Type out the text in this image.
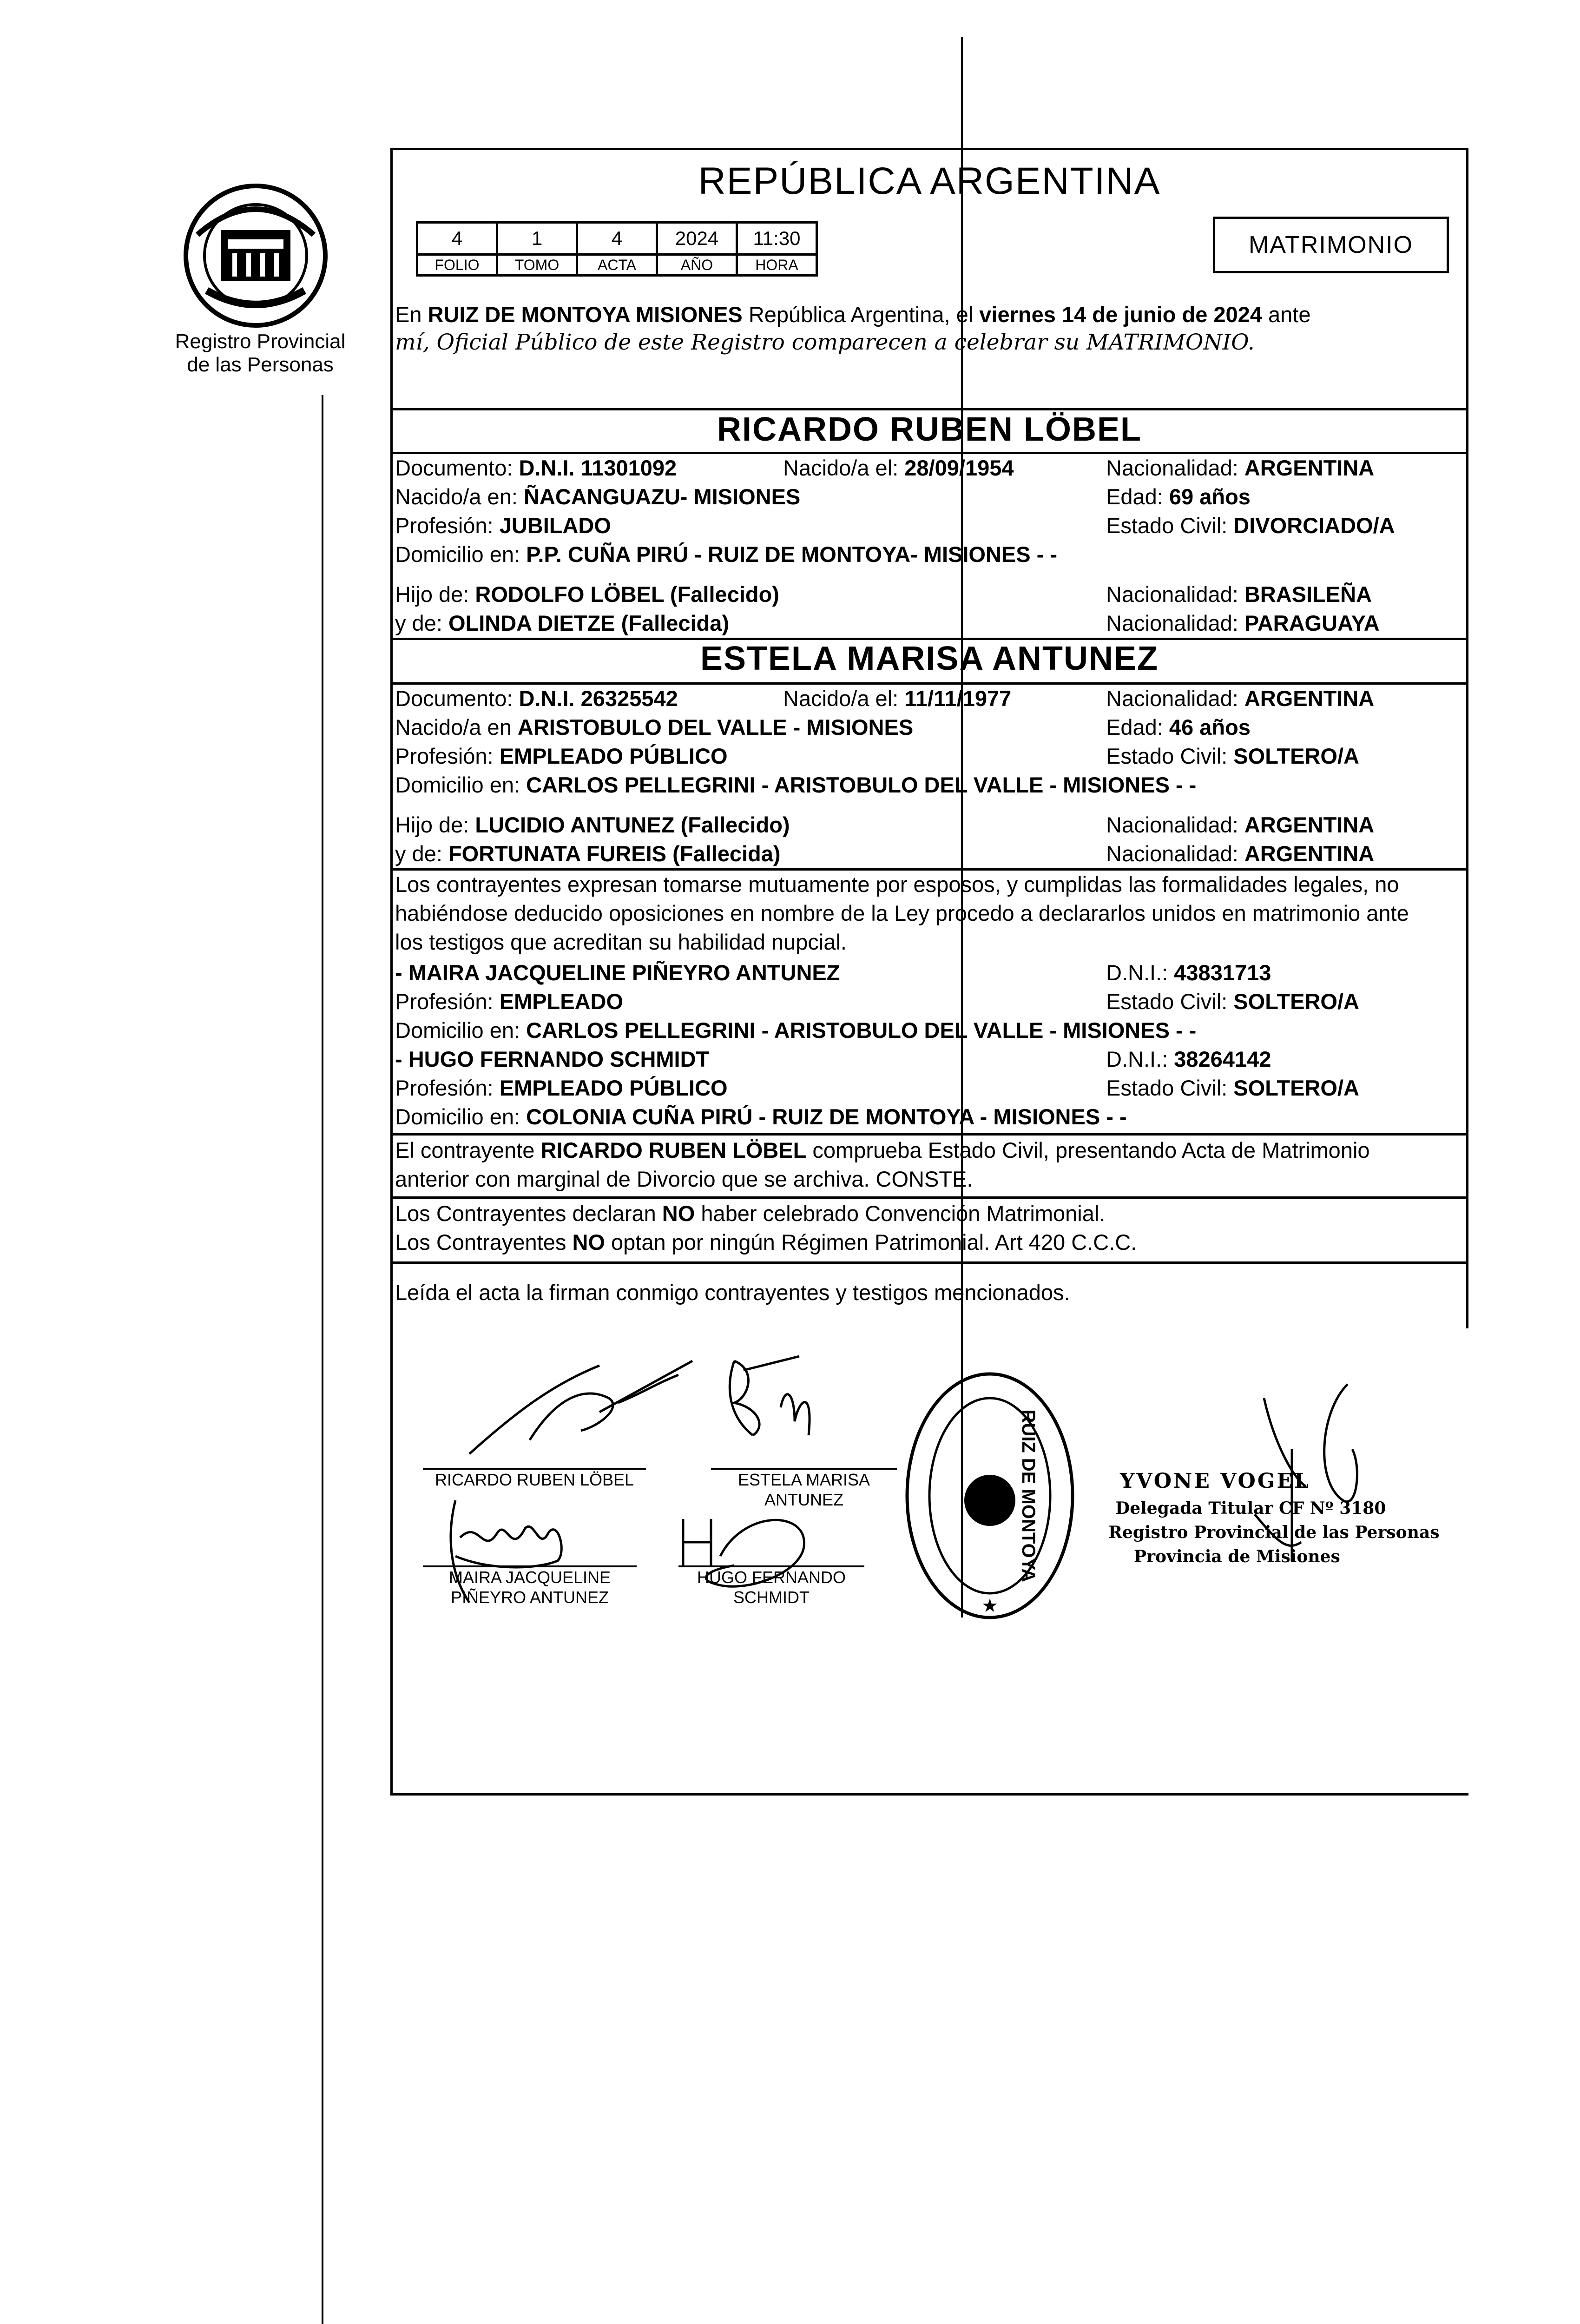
Registro Provincial de las Personas
REPÚBLICA ARGENTINA
4	1	4	2024	11:30
FOLIO	TOMO	ACTA	AÑO	HORA
MATRIMONIO
En RUIZ DE MONTOYA MISIONES República Argentina, el viernes 14 de junio de 2024 ante
mí, Oficial Público de este Registro comparecen a celebrar su MATRIMONIO.
RICARDO RUBEN LÖBEL
Documento: D.N.I. 11301092	Nacido/a el: 28/09/1954	Nacionalidad: ARGENTINA
Nacido/a en: ÑACANGUAZU- MISIONES	Edad: 69 años
Profesión: JUBILADO	Estado Civil: DIVORCIADO/A
Domicilio en: P.P. CUÑA PIRÚ - RUIZ DE MONTOYA- MISIONES - -
Hijo de: RODOLFO LÖBEL (Fallecido)	Nacionalidad: BRASILEÑA
y de: OLINDA DIETZE (Fallecida)	Nacionalidad: PARAGUAYA
ESTELA MARISA ANTUNEZ
Documento: D.N.I. 26325542	Nacido/a el: 11/11/1977	Nacionalidad: ARGENTINA
Nacido/a en ARISTOBULO DEL VALLE - MISIONES	Edad: 46 años
Profesión: EMPLEADO PÚBLICO	Estado Civil: SOLTERO/A
Domicilio en: CARLOS PELLEGRINI - ARISTOBULO DEL VALLE - MISIONES - -
Hijo de: LUCIDIO ANTUNEZ (Fallecido)	Nacionalidad: ARGENTINA
y de: FORTUNATA FUREIS (Fallecida)	Nacionalidad: ARGENTINA
Los contrayentes expresan tomarse mutuamente por esposos, y cumplidas las formalidades legales, no
habiéndose deducido oposiciones en nombre de la Ley procedo a declararlos unidos en matrimonio ante
los testigos que acreditan su habilidad nupcial.
- MAIRA JACQUELINE PIÑEYRO ANTUNEZ	D.N.I.: 43831713
Profesión: EMPLEADO	Estado Civil: SOLTERO/A
Domicilio en: CARLOS PELLEGRINI - ARISTOBULO DEL VALLE - MISIONES - -
- HUGO FERNANDO SCHMIDT	D.N.I.: 38264142
Profesión: EMPLEADO PÚBLICO	Estado Civil: SOLTERO/A
Domicilio en: COLONIA CUÑA PIRÚ - RUIZ DE MONTOYA - MISIONES - -
El contrayente RICARDO RUBEN LÖBEL comprueba Estado Civil, presentando Acta de Matrimonio
anterior con marginal de Divorcio que se archiva. CONSTE.
Los Contrayentes declaran NO haber celebrado Convención Matrimonial.
Los Contrayentes NO optan por ningún Régimen Patrimonial. Art 420 C.C.C.
Leída el acta la firman conmigo contrayentes y testigos mencionados.
RICARDO RUBEN LÖBEL	ESTELA MARISA
ANTUNEZ
MAIRA JACQUELINE
PIÑEYRO ANTUNEZ
HUGO FERNANDO
SCHMIDT
RUIZ DE MONTOYA
★
YVONE VOGEL
Delegada Titular CF Nº 3180
Registro Provincial de las Personas
Provincia de Misiones
